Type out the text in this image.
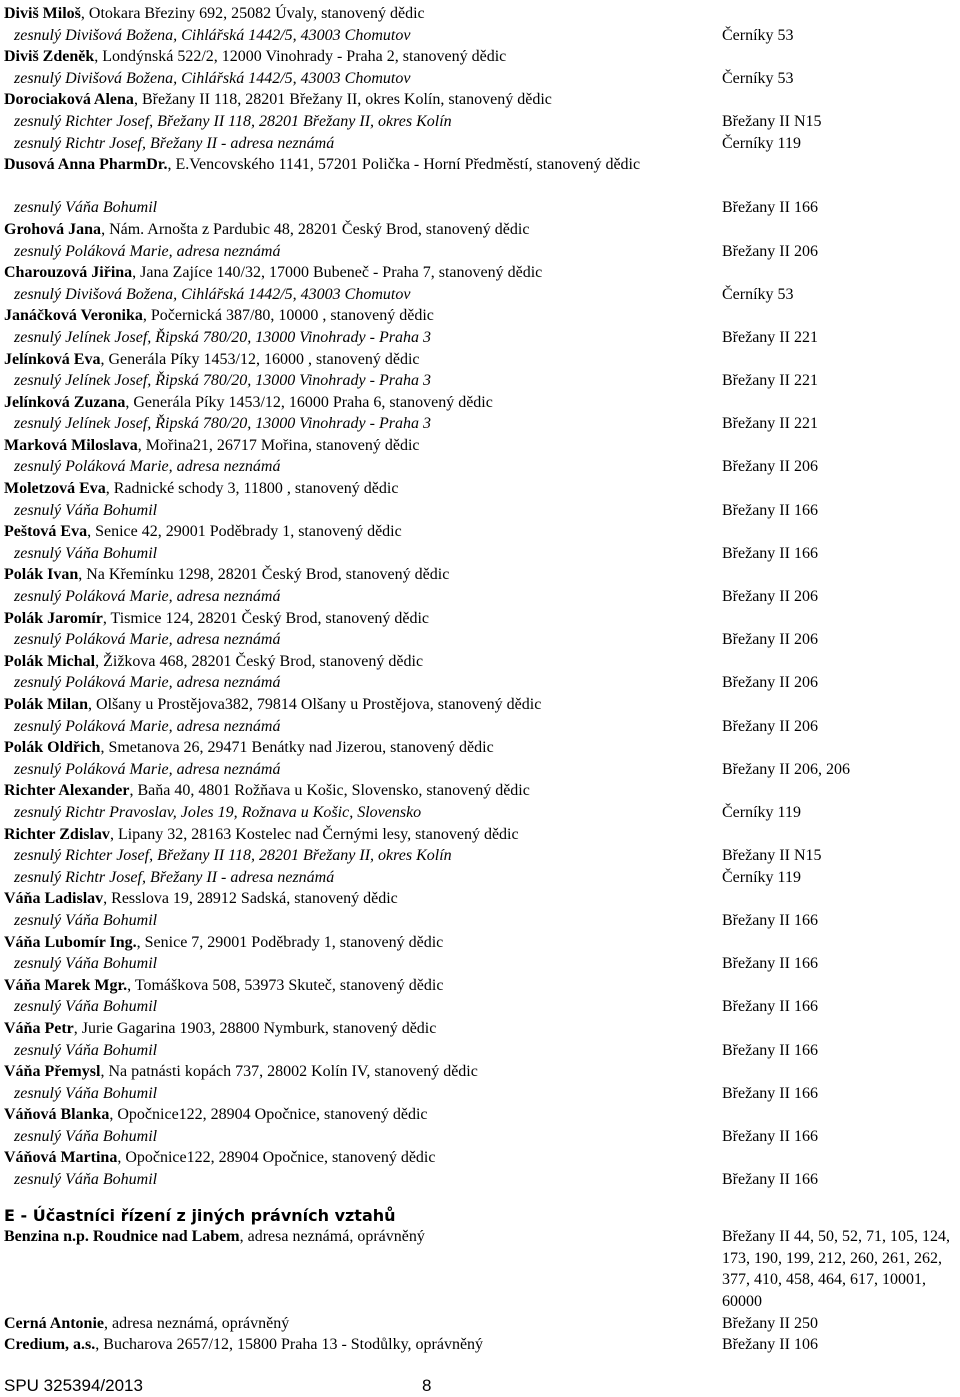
Diviš Miloš, Otokara Březiny 692, 25082 Úvaly, stanovený dědic
zesnulý Divišová Božena, Cihlářská 1442/5, 43003 Chomutov	Černíky 53
Diviš Zdeněk, Londýnská 522/2, 12000 Vinohrady - Praha 2, stanovený dědic
zesnulý Divišová Božena, Cihlářská 1442/5, 43003 Chomutov	Černíky 53
Dorociaková Alena, Břežany II 118, 28201 Břežany II, okres Kolín, stanovený dědic
zesnulý Richter Josef, Břežany II 118, 28201 Břežany II, okres Kolín	Břežany II N15
zesnulý Richtr Josef, Břežany II - adresa neznámá	Černíky 119
Dusová Anna PharmDr., E.Vencovského 1141, 57201 Polička - Horní Předměstí, stanovený dědic
zesnulý Váňa Bohumil	Břežany II 166
Grohová Jana, Nám. Arnošta z Pardubic 48, 28201 Český Brod, stanovený dědic
zesnulý Poláková Marie, adresa neznámá	Břežany II 206
Charouzová Jiřina, Jana Zajíce 140/32, 17000 Bubeneč - Praha 7, stanovený dědic
zesnulý Divišová Božena, Cihlářská 1442/5, 43003 Chomutov	Černíky 53
Janáčková Veronika, Počernická 387/80, 10000 , stanovený dědic
zesnulý Jelínek Josef, Řipská 780/20, 13000 Vinohrady - Praha 3	Břežany II 221
Jelínková Eva, Generála Píky 1453/12, 16000 , stanovený dědic
zesnulý Jelínek Josef, Řipská 780/20, 13000 Vinohrady - Praha 3	Břežany II 221
Jelínková Zuzana, Generála Píky 1453/12, 16000 Praha 6, stanovený dědic
zesnulý Jelínek Josef, Řipská 780/20, 13000 Vinohrady - Praha 3	Břežany II 221
Marková Miloslava, Mořina21, 26717 Mořina, stanovený dědic
zesnulý Poláková Marie, adresa neznámá	Břežany II 206
Moletzová Eva, Radnické schody 3, 11800 , stanovený dědic
zesnulý Váňa Bohumil	Břežany II 166
Peštová Eva, Senice 42, 29001 Poděbrady 1, stanovený dědic
zesnulý Váňa Bohumil	Břežany II 166
Polák Ivan, Na Křemínku 1298, 28201 Český Brod, stanovený dědic
zesnulý Poláková Marie, adresa neznámá	Břežany II 206
Polák Jaromír, Tismice 124, 28201 Český Brod, stanovený dědic
zesnulý Poláková Marie, adresa neznámá	Břežany II 206
Polák Michal, Žižkova 468, 28201 Český Brod, stanovený dědic
zesnulý Poláková Marie, adresa neznámá	Břežany II 206
Polák Milan, Olšany u Prostějova382, 79814 Olšany u Prostějova, stanovený dědic
zesnulý Poláková Marie, adresa neznámá	Břežany II 206
Polák Oldřich, Smetanova 26, 29471 Benátky nad Jizerou, stanovený dědic
zesnulý Poláková Marie, adresa neznámá	Břežany II 206, 206
Richter Alexander, Baňa 40, 4801 Rožňava u Košic, Slovensko, stanovený dědic
zesnulý Richtr Pravoslav, Joles 19, Rožnava u Košic, Slovensko	Černíky 119
Richter Zdislav, Lipany 32, 28163 Kostelec nad Černými lesy, stanovený dědic
zesnulý Richter Josef, Břežany II 118, 28201 Břežany II, okres Kolín	Břežany II N15
zesnulý Richtr Josef, Břežany II - adresa neznámá	Černíky 119
Váňa Ladislav, Resslova 19, 28912 Sadská, stanovený dědic
zesnulý Váňa Bohumil	Břežany II 166
Váňa Lubomír Ing., Senice 7, 29001 Poděbrady 1, stanovený dědic
zesnulý Váňa Bohumil	Břežany II 166
Váňa Marek Mgr., Tomáškova 508, 53973 Skuteč, stanovený dědic
zesnulý Váňa Bohumil	Břežany II 166
Váňa Petr, Jurie Gagarina 1903, 28800 Nymburk, stanovený dědic
zesnulý Váňa Bohumil	Břežany II 166
Váňa Přemysl, Na patnásti kopách 737, 28002 Kolín IV, stanovený dědic
zesnulý Váňa Bohumil	Břežany II 166
Váňová Blanka, Opočnice122, 28904 Opočnice, stanovený dědic
zesnulý Váňa Bohumil	Břežany II 166
Váňová Martina, Opočnice122, 28904 Opočnice, stanovený dědic
zesnulý Váňa Bohumil	Břežany II 166
E - Účastníci řízení z jiných právních vztahů
Benzina n.p. Roudnice nad Labem, adresa neznámá, oprávněný	Břežany II 44, 50, 52, 71, 105, 124, 173, 190, 199, 212, 260, 261, 262, 377, 410, 458, 464, 617, 10001, 60000
Cerná Antonie, adresa neznámá, oprávněný	Břežany II 250
Credium, a.s., Bucharova 2657/12, 15800 Praha 13 - Stodůlky, oprávněný	Břežany II 106
SPU 325394/2013	8
